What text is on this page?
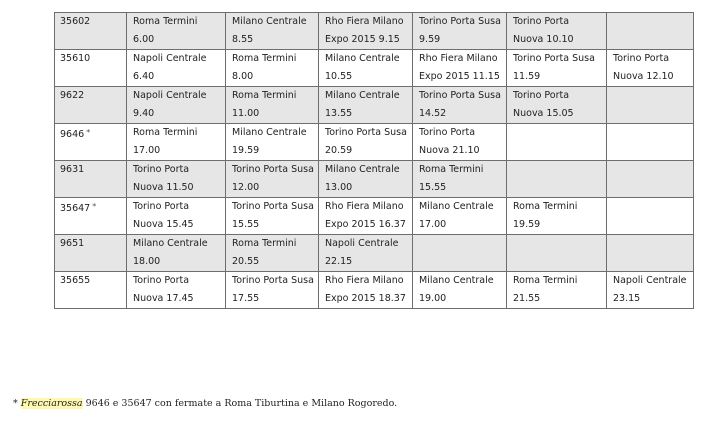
35602	Roma Termini 6.00	Milano Centrale 8.55	Rho Fiera Milano Expo 2015 9.15	Torino Porta Susa 9.59	Torino Porta Nuova 10.10	
35610	Napoli Centrale 6.40	Roma Termini 8.00	Milano Centrale 10.55	Rho Fiera Milano Expo 2015 11.15	Torino Porta Susa 11.59	Torino Porta Nuova 12.10
9622	Napoli Centrale 9.40	Roma Termini 11.00	Milano Centrale 13.55	Torino Porta Susa 14.52	Torino Porta Nuova 15.05	
9646 *	Roma Termini 17.00	Milano Centrale 19.59	Torino Porta Susa 20.59	Torino Porta Nuova 21.10		
9631	Torino Porta Nuova 11.50	Torino Porta Susa 12.00	Milano Centrale 13.00	Roma Termini 15.55		
35647 *	Torino Porta Nuova 15.45	Torino Porta Susa 15.55	Rho Fiera Milano Expo 2015 16.37	Milano Centrale 17.00	Roma Termini 19.59	
9651	Milano Centrale 18.00	Roma Termini 20.55	Napoli Centrale 22.15			
35655	Torino Porta Nuova 17.45	Torino Porta Susa 17.55	Rho Fiera Milano Expo 2015 18.37	Milano Centrale 19.00	Roma Termini 21.55	Napoli Centrale 23.15
* Frecciarossa 9646 e 35647 con fermate a Roma Tiburtina e Milano Rogoredo.
